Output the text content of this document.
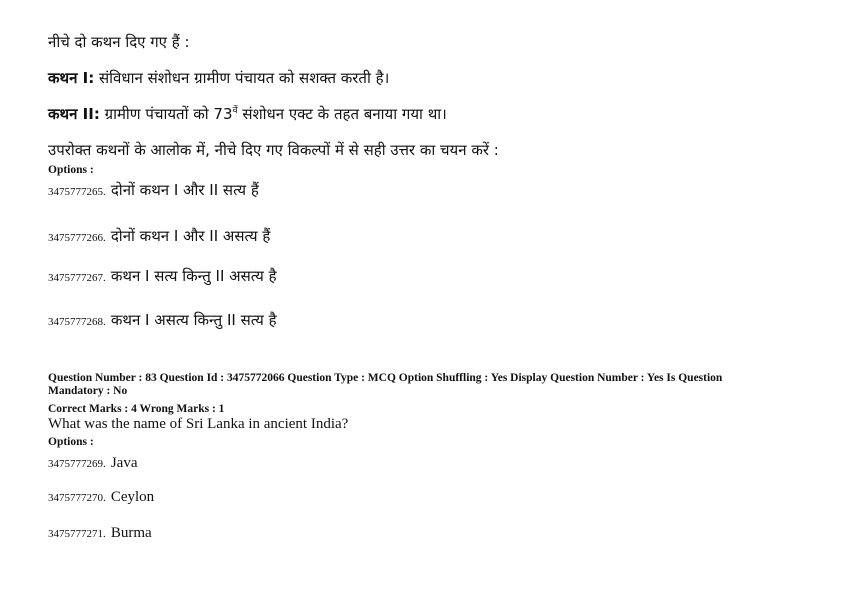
नीचे दो कथन दिए गए हैं :
कथन I: संविधान संशोधन ग्रामीण पंचायत को सशक्त करती है।
कथन II: ग्रामीण पंचायतों को $73^{वें}$ संशोधन एक्ट के तहत बनाया गया था।
उपरोक्त कथनों के आलोक में, नीचे दिए गए विकल्पों में से सही उत्तर का चयन करें :
Options :
3475777265. दोनों कथन I और II सत्य हैं
3475777266. दोनों कथन I और II असत्य हैं
3475777267. कथन I सत्य किन्तु II असत्य है
3475777268. कथन I असत्य किन्तु II सत्य है
Question Number : 83 Question Id : 3475772066 Question Type : MCQ Option Shuffling : Yes Display Question Number : Yes Is Question Mandatory : No
Correct Marks : 4 Wrong Marks : 1
What was the name of Sri Lanka in ancient India?
Options :
3475777269. Java
3475777270. Ceylon
3475777271. Burma
